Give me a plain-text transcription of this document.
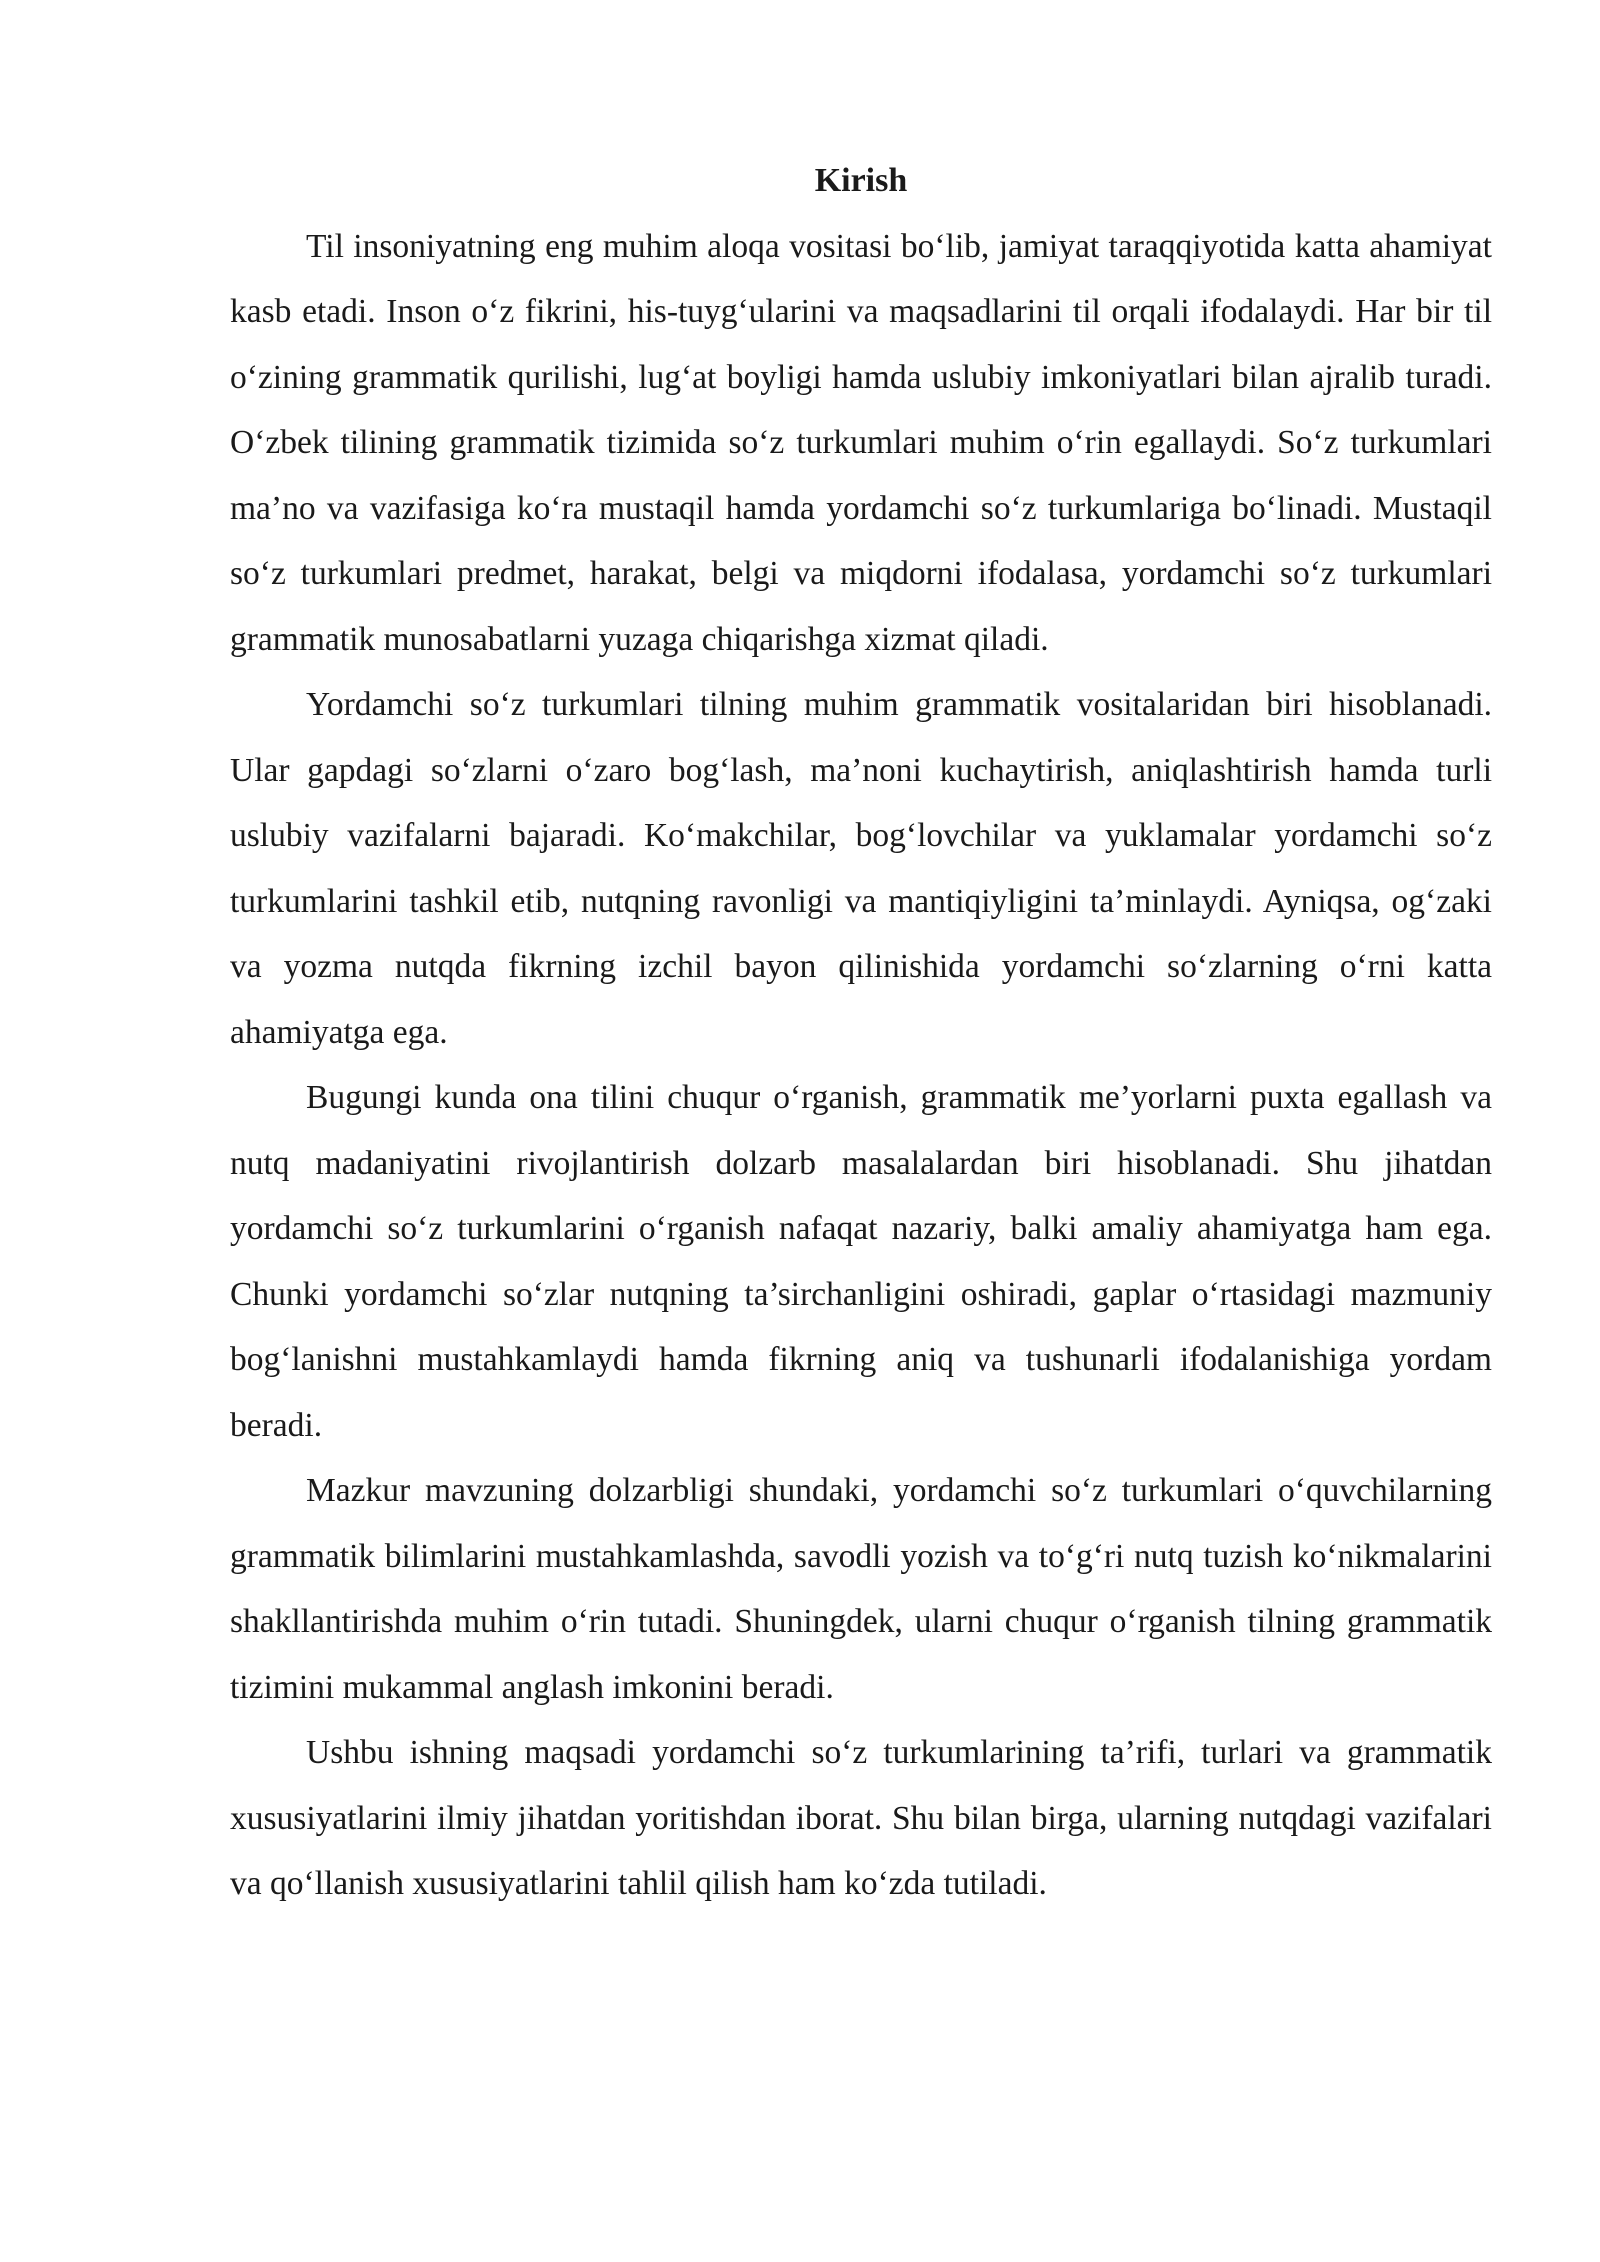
Kirish

Til insoniyatning eng muhim aloqa vositasi bo‘lib, jamiyat taraqqiyotida katta ahamiyat kasb etadi. Inson o‘z fikrini, his-tuyg‘ularini va maqsadlarini til orqali ifodalaydi. Har bir til o‘zining grammatik qurilishi, lug‘at boyligi hamda uslubiy imkoniyatlari bilan ajralib turadi. O‘zbek tilining grammatik tizimida so‘z turkumlari muhim o‘rin egallaydi. So‘z turkumlari ma’no va vazifasiga ko‘ra mustaqil hamda yordamchi so‘z turkumlariga bo‘linadi. Mustaqil so‘z turkumlari predmet, harakat, belgi va miqdorni ifodalasa, yordamchi so‘z turkumlari grammatik munosabatlarni yuzaga chiqarishga xizmat qiladi.

Yordamchi so‘z turkumlari tilning muhim grammatik vositalaridan biri hisoblanadi. Ular gapdagi so‘zlarni o‘zaro bog‘lash, ma’noni kuchaytirish, aniqlashtirish hamda turli uslubiy vazifalarni bajaradi. Ko‘makchilar, bog‘lovchilar va yuklamalar yordamchi so‘z turkumlarini tashkil etib, nutqning ravonligi va mantiqiyligini ta’minlaydi. Ayniqsa, og‘zaki va yozma nutqda fikrning izchil bayon qilinishida yordamchi so‘zlarning o‘rni katta ahamiyatga ega.

Bugungi kunda ona tilini chuqur o‘rganish, grammatik me’yorlarni puxta egallash va nutq madaniyatini rivojlantirish dolzarb masalalardan biri hisoblanadi. Shu jihatdan yordamchi so‘z turkumlarini o‘rganish nafaqat nazariy, balki amaliy ahamiyatga ham ega. Chunki yordamchi so‘zlar nutqning ta’sirchanligini oshiradi, gaplar o‘rtasidagi mazmuniy bog‘lanishni mustahkamlaydi hamda fikrning aniq va tushunarli ifodalanishiga yordam beradi.

Mazkur mavzuning dolzarbligi shundaki, yordamchi so‘z turkumlari o‘quvchilarning grammatik bilimlarini mustahkamlashda, savodli yozish va to‘g‘ri nutq tuzish ko‘nikmalarini shakllantirishda muhim o‘rin tutadi. Shuningdek, ularni chuqur o‘rganish tilning grammatik tizimini mukammal anglash imkonini beradi.

Ushbu ishning maqsadi yordamchi so‘z turkumlarining ta’rifi, turlari va grammatik xususiyatlarini ilmiy jihatdan yoritishdan iborat. Shu bilan birga, ularning nutqdagi vazifalari va qo‘llanish xususiyatlarini tahlil qilish ham ko‘zda tutiladi.
